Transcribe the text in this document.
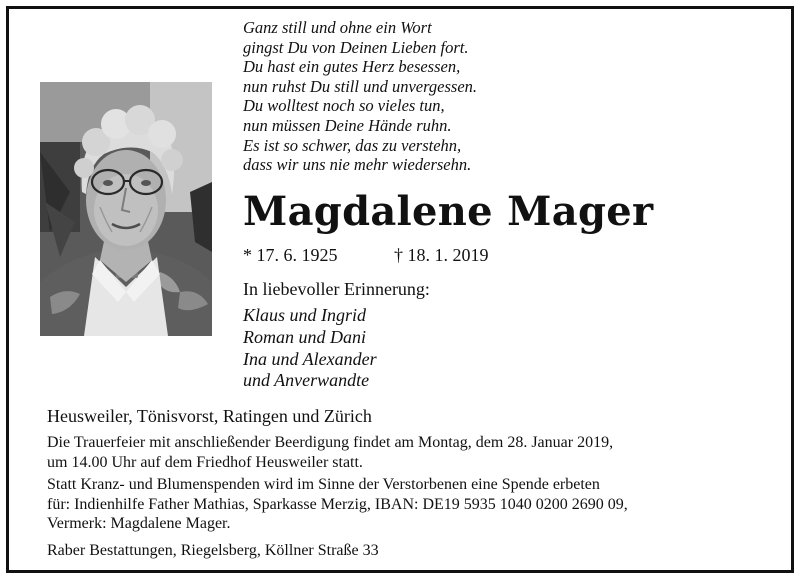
Ganz still und ohne ein Wort
gingst Du von Deinen Lieben fort.
Du hast ein gutes Herz besessen,
nun ruhst Du still und unvergessen.
Du wolltest noch so vieles tun,
nun müssen Deine Hände ruhn.
Es ist so schwer, das zu verstehn,
dass wir uns nie mehr wiedersehn.
Magdalene Mager
* 17. 6. 1925	† 18. 1. 2019
In liebevoller Erinnerung:
Klaus und Ingrid
Roman und Dani
Ina und Alexander
und Anverwandte
Heusweiler, Tönisvorst, Ratingen und Zürich
Die Trauerfeier mit anschließender Beerdigung findet am Montag, dem 28. Januar 2019,
um 14.00 Uhr auf dem Friedhof Heusweiler statt.
Statt Kranz- und Blumenspenden wird im Sinne der Verstorbenen eine Spende erbeten
für: Indienhilfe Father Mathias, Sparkasse Merzig, IBAN: DE19 5935 1040 0200 2690 09,
Vermerk: Magdalene Mager.
Raber Bestattungen, Riegelsberg, Köllner Straße 33
